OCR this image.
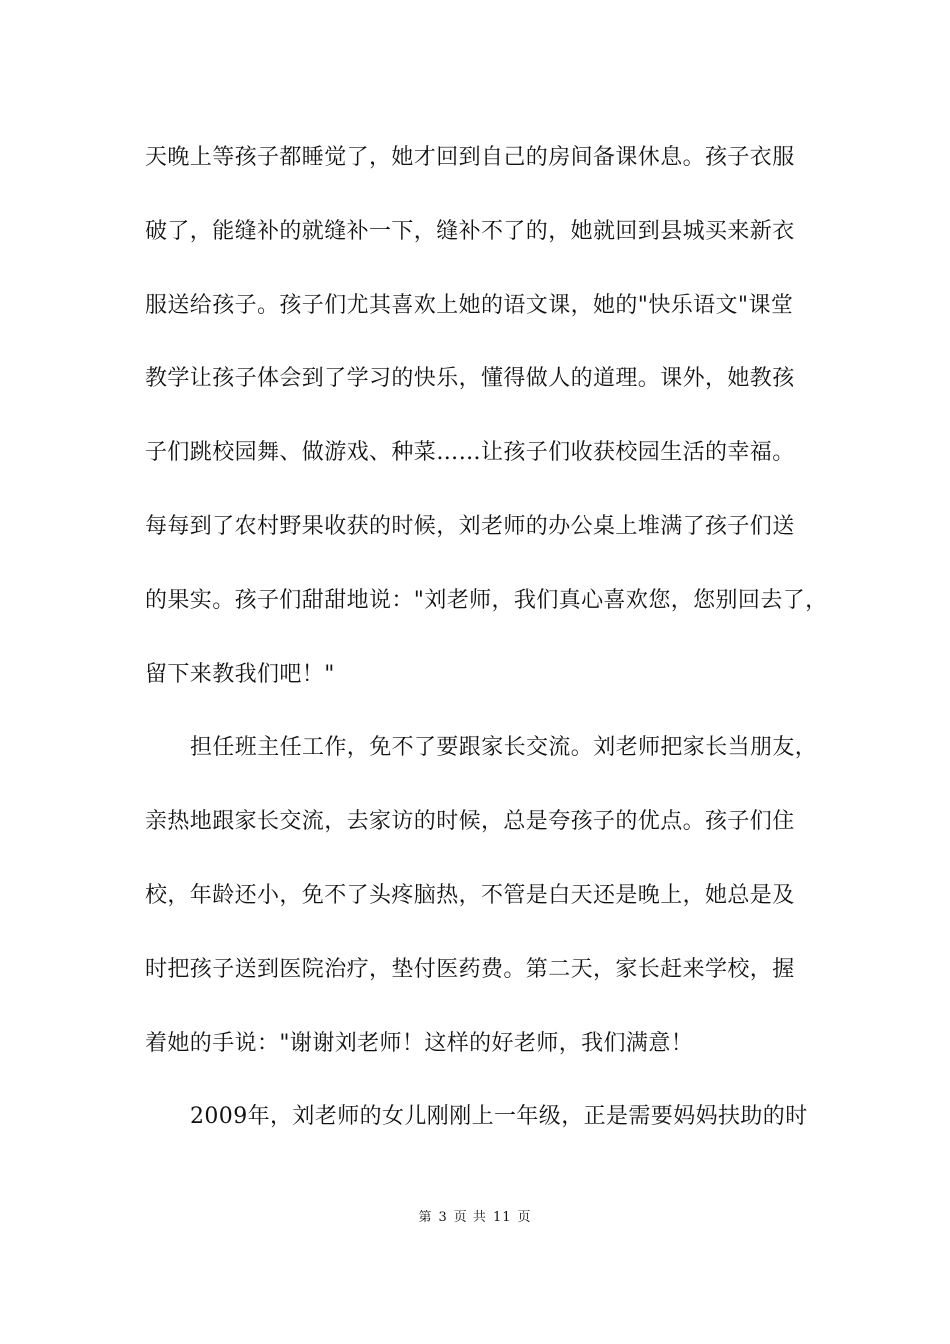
天晚上等孩子都睡觉了，她才回到自己的房间备课休息。孩子衣服
破了，能缝补的就缝补一下，缝补不了的，她就回到县城买来新衣
服送给孩子。孩子们尤其喜欢上她的语文课，她的"快乐语文"课堂
教学让孩子体会到了学习的快乐，懂得做人的道理。课外，她教孩
子们跳校园舞、做游戏、种菜……让孩子们收获校园生活的幸福。
每每到了农村野果收获的时候，刘老师的办公桌上堆满了孩子们送
的果实。孩子们甜甜地说："刘老师，我们真心喜欢您，您别回去了，
留下来教我们吧！"
担任班主任工作，免不了要跟家长交流。刘老师把家长当朋友，
亲热地跟家长交流，去家访的时候，总是夸孩子的优点。孩子们住
校，年龄还小，免不了头疼脑热，不管是白天还是晚上，她总是及
时把孩子送到医院治疗，垫付医药费。第二天，家长赶来学校，握
着她的手说："谢谢刘老师！这样的好老师，我们满意！
2009年，刘老师的女儿刚刚上一年级，正是需要妈妈扶助的时
第 3 页 共 11 页
